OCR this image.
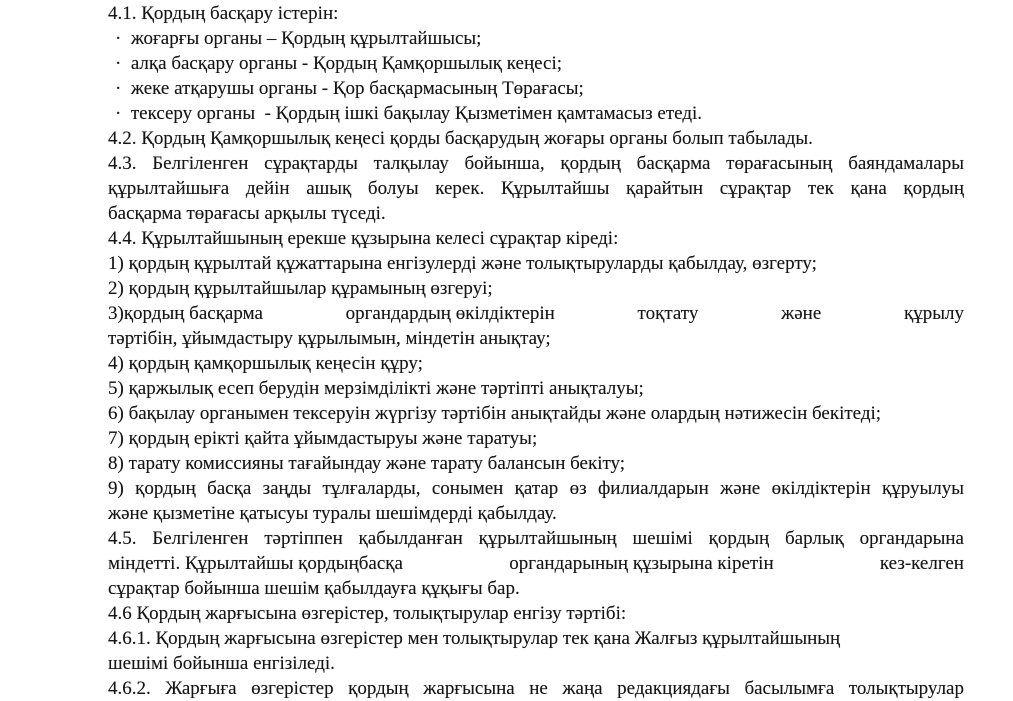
4.1. Қордың басқару істерін:
·  жоғарғы органы – Қордың құрылтайшысы;
·  алқа басқару органы - Қордың Қамқоршылық кеңесі;
·  жеке атқарушы органы - Қор басқармасының Төрағасы;
·  тексеру органы  - Қордың ішкі бақылау Қызметімен қамтамасыз етеді.
4.2. Қордың Қамқоршылық кеңесі қорды басқарудың жоғары органы болып табылады.
4.3. Белгіленген сұрақтарды талқылау бойынша, қордың басқарма төрағасының баяндамалары
құрылтайшыға дейін ашық болуы керек. Құрылтайшы қарайтын сұрақтар тек қана қордың
басқарма төрағасы арқылы түседі.
4.4. Құрылтайшының ерекше құзырына келесі сұрақтар кіреді:
1) қордың құрылтай құжаттарына енгізулерді және толықтыруларды қабылдау, өзгерту;
2) қордың құрылтайшылар құрамының өзгеруі;
3)қордың басқарма	органдардың өкілдіктерін	тоқтату	және	құрылу
тәртібін, ұйымдастыру құрылымын, міндетін анықтау;
4) қордың қамқоршылық кеңесін құру;
5) қаржылық есеп берудін мерзімділікті және тәртіпті анықталуы;
6) бақылау органымен тексеруін жүргізу тәртібін анықтайды және олардың нәтижесін бекітеді;
7) қордың ерікті қайта ұйымдастыруы және таратуы;
8) тарату комиссияны тағайындау және тарату балансын бекіту;
9) қордың басқа заңды тұлғаларды, сонымен қатар өз филиалдарын және өкілдіктерін құруылуы
және қызметіне қатысуы туралы шешімдерді қабылдау.
4.5. Белгіленген тәртіппен қабылданған құрылтайшының шешімі қордың барлық органдарына
міндетті. Құрылтайшы қордыңбасқа	органдарының құзырына кіретін	кез-келген
сұрақтар бойынша шешім қабылдауға құқығы бар.
4.6 Қордың жарғысына өзгерістер, толықтырулар енгізу тәртібі:
4.6.1. Қордың жарғысына өзгерістер мен толықтырулар тек қана Жалғыз құрылтайшының
шешімі бойынша енгізіледі.
4.6.2. Жарғыға өзгерістер қордың жарғысына не жаңа редакциядағы басылымға толықтырулар
